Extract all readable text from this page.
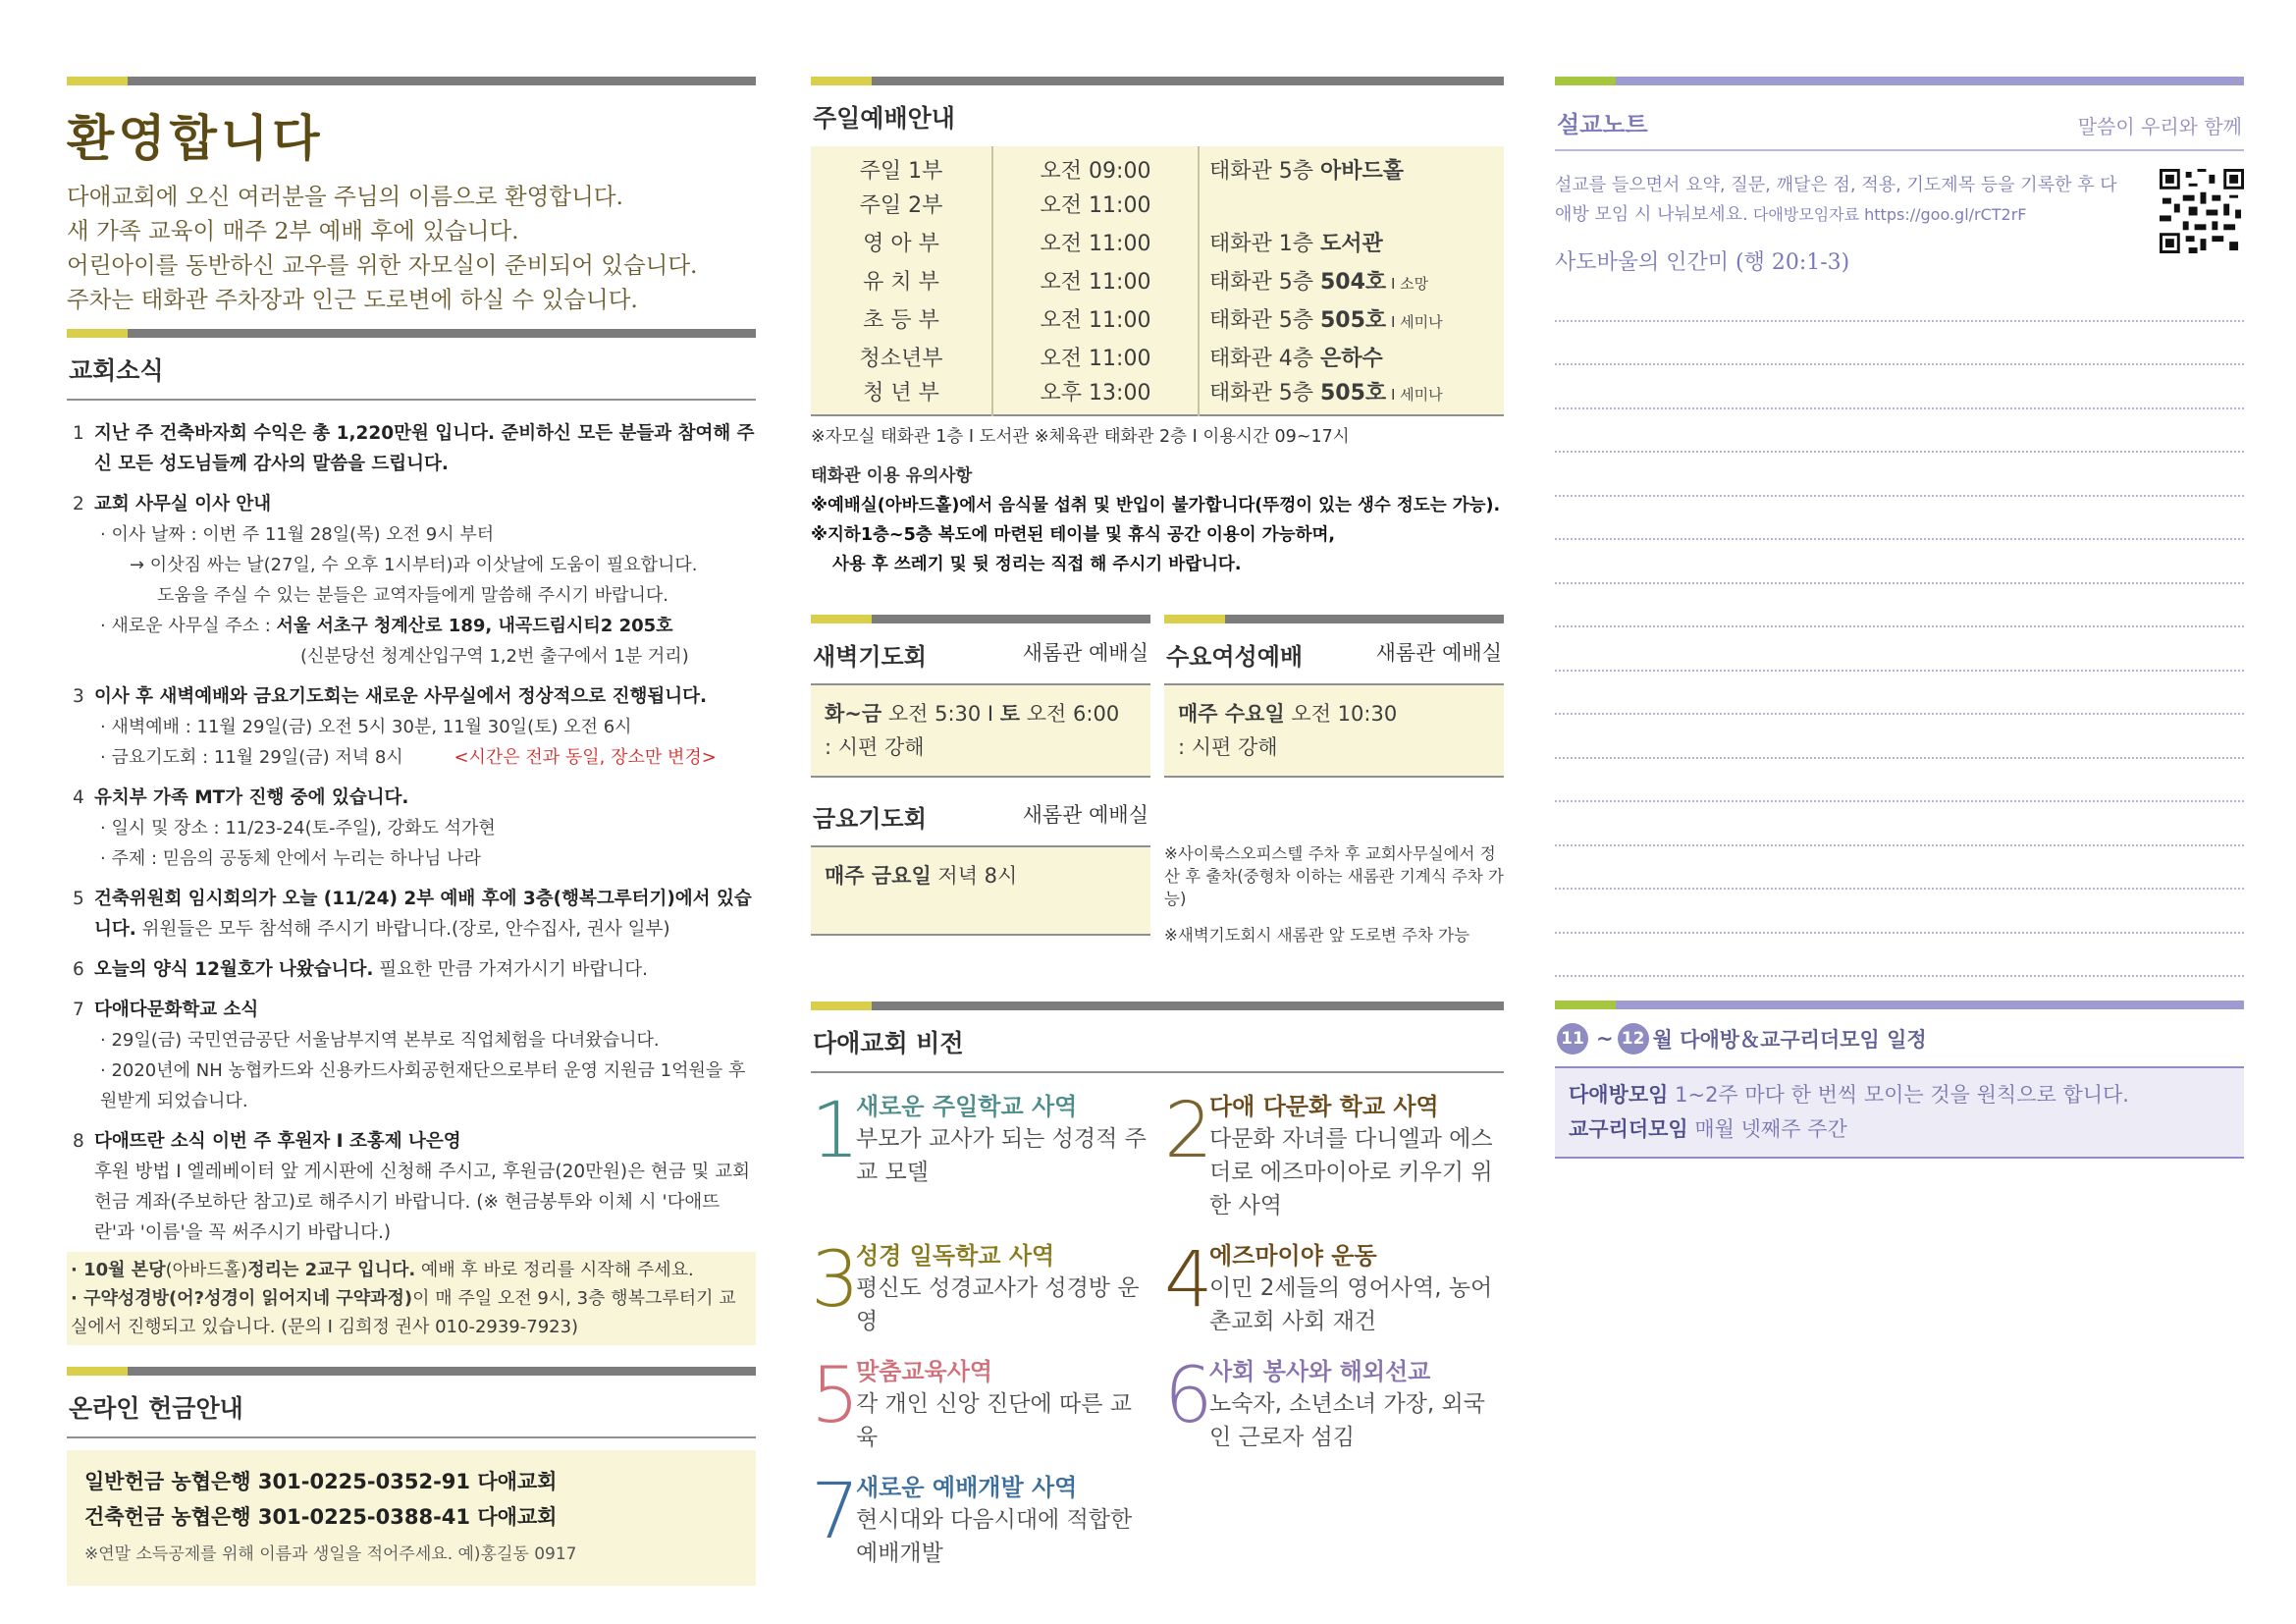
환영합니다
다애교회에 오신 여러분을 주님의 이름으로 환영합니다.
새 가족 교육이 매주 2부 예배 후에 있습니다.
어린아이를 동반하신 교우를 위한 자모실이 준비되어 있습니다.
주차는 태화관 주차장과 인근 도로변에 하실 수 있습니다.
교회소식
1 지난 주 건축바자회 수익은 총 1,220만원 입니다. 준비하신 모든 분들과 참여해 주신 모든 성도님들께 감사의 말씀을 드립니다.
2 교회 사무실 이사 안내
· 이사 날짜 : 이번 주 11월 28일(목) 오전 9시 부터
→ 이삿짐 싸는 날(27일, 수 오후 1시부터)과 이삿날에 도움이 필요합니다.
도움을 주실 수 있는 분들은 교역자들에게 말씀해 주시기 바랍니다.
· 새로운 사무실 주소 : 서울 서초구 청계산로 189, 내곡드림시티2 205호
(신분당선 청계산입구역 1,2번 출구에서 1분 거리)
3 이사 후 새벽예배와 금요기도회는 새로운 사무실에서 정상적으로 진행됩니다.
· 새벽예배 : 11월 29일(금) 오전 5시 30분, 11월 30일(토) 오전 6시
· 금요기도회 : 11월 29일(금) 저녁 8시	<시간은 전과 동일, 장소만 변경>
4 유치부 가족 MT가 진행 중에 있습니다.
· 일시 및 장소 : 11/23-24(토-주일), 강화도 석가현
· 주제 : 믿음의 공동체 안에서 누리는 하나님 나라
5 건축위원회 임시회의가 오늘 (11/24) 2부 예배 후에 3층(행복그루터기)에서 있습니다. 위원들은 모두 참석해 주시기 바랍니다.(장로, 안수집사, 권사 일부)
6 오늘의 양식 12월호가 나왔습니다. 필요한 만큼 가져가시기 바랍니다.
7 다애다문화학교 소식
· 29일(금) 국민연금공단 서울남부지역 본부로 직업체험을 다녀왔습니다.
· 2020년에 NH 농협카드와 신용카드사회공헌재단으로부터 운영 지원금 1억원을 후원받게 되었습니다.
8 다애뜨란 소식 이번 주 후원자 I 조홍제 나은영
후원 방법 I 엘레베이터 앞 게시판에 신청해 주시고, 후원금(20만원)은 현금 및 교회헌금 계좌(주보하단 참고)로 해주시기 바랍니다. (※ 현금봉투와 이체 시 '다애뜨란'과 '이름'을 꼭 써주시기 바랍니다.)
· 10월 본당(아바드홀)정리는 2교구 입니다. 예배 후 바로 정리를 시작해 주세요.
· 구약성경방(어?성경이 읽어지네 구약과정)이 매 주일 오전 9시, 3층 행복그루터기 교실에서 진행되고 있습니다. (문의 I 김희정 권사 010-2939-7923)
온라인 헌금안내
일반헌금 농협은행 301-0225-0352-91 다애교회
건축헌금 농협은행 301-0225-0388-41 다애교회
※연말 소득공제를 위해 이름과 생일을 적어주세요. 예)홍길동 0917
주일예배안내
주일 1부	오전 09:00	태화관 5층 아바드홀
주일 2부	오전 11:00	
영 아 부	오전 11:00	태화관 1층 도서관
유 치 부	오전 11:00	태화관 5층 504호 I 소망
초 등 부	오전 11:00	태화관 5층 505호 I 세미나
청소년부	오전 11:00	태화관 4층 은하수
청 년 부	오후 13:00	태화관 5층 505호 I 세미나
※자모실 태화관 1층 I 도서관 ※체육관 태화관 2층 I 이용시간 09~17시
태화관 이용 유의사항
※예배실(아바드홀)에서 음식물 섭취 및 반입이 불가합니다(뚜껑이 있는 생수 정도는 가능).
※지하1층~5층 복도에 마련된 테이블 및 휴식 공간 이용이 가능하며,
사용 후 쓰레기 및 뒷 정리는 직접 해 주시기 바랍니다.
새벽기도회	새롬관 예배실
화~금 오전 5:30 I 토 오전 6:00
: 시편 강해
수요여성예배	새롬관 예배실
매주 수요일 오전 10:30
: 시편 강해
금요기도회	새롬관 예배실
매주 금요일 저녁 8시
※사이룩스오피스텔 주차 후 교회사무실에서 정산 후 출차(중형차 이하는 새롬관 기계식 주차 가능)
※새벽기도회시 새롬관 앞 도로변 주차 가능
다애교회 비전
1
새로운 주일학교 사역
부모가 교사가 되는 성경적 주교 모델	2
다애 다문화 학교 사역
다문화 자녀를 다니엘과 에스더로 에즈마이아로 키우기 위한 사역
3
성경 일독학교 사역
평신도 성경교사가 성경방 운영	4
에즈마이야 운동
이민 2세들의 영어사역, 농어촌교회 사회 재건
5
맞춤교육사역
각 개인 신앙 진단에 따른 교육	6
사회 봉사와 해외선교
노숙자, 소년소녀 가장, 외국인 근로자 섬김
7
새로운 예배개발 사역
현시대와 다음시대에 적합한 예배개발
설교노트	말씀이 우리와 함께
설교를 들으면서 요약, 질문, 깨달은 점, 적용, 기도제목 등을 기록한 후 다애방 모임 시 나눠보세요. 다애방모임자료 https://goo.gl/rCT2rF
사도바울의 인간미 (행 20:1-3)
11 ~ 12 월 다애방＆교구리더모임 일정
다애방모임 1~2주 마다 한 번씩 모이는 것을 원칙으로 합니다.
교구리더모임 매월 넷째주 주간
